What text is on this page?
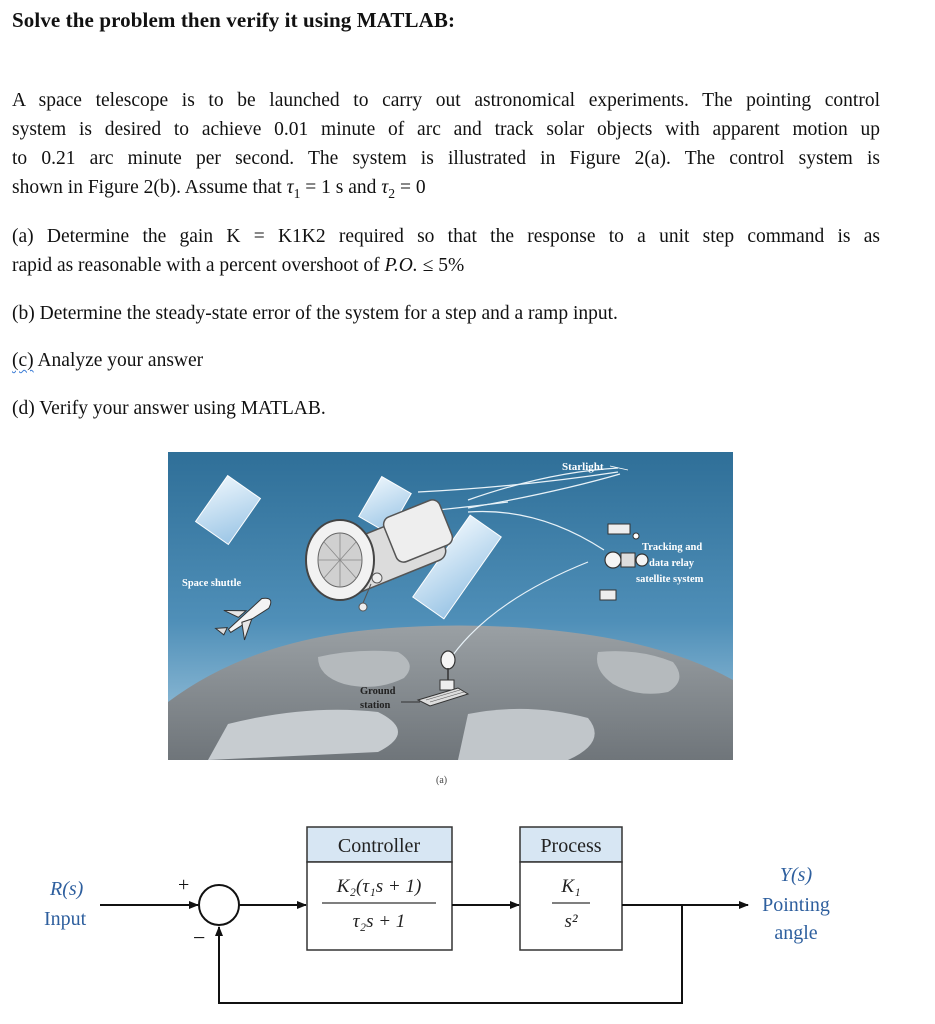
Solve the problem then verify it using MATLAB:

A space telescope is to be launched to carry out astronomical experiments. The pointing control
system is desired to achieve 0.01 minute of arc and track solar objects with apparent motion up
to 0.21 arc minute per second. The system is illustrated in Figure 2(a). The control system is
shown in Figure 2(b). Assume that $\tau_1 = 1$ s and $\tau_2 = 0$

(a) Determine the gain K = K1K2 required so that the response to a unit step command is as
rapid as reasonable with a percent overshoot of P.O. ≤ 5%

(b) Determine the steady-state error of the system for a step and a ramp input.

(c) Analyze your answer

(d) Verify your answer using MATLAB.

Starlight
Tracking and
data relay
satellite system
Space shuttle
Ground
station
(a)
R(s)
Input
+
−
Controller
K₂(τ₁s + 1)
τ₂s + 1
Process
K₁
s²
Y(s)
Pointing
angle
